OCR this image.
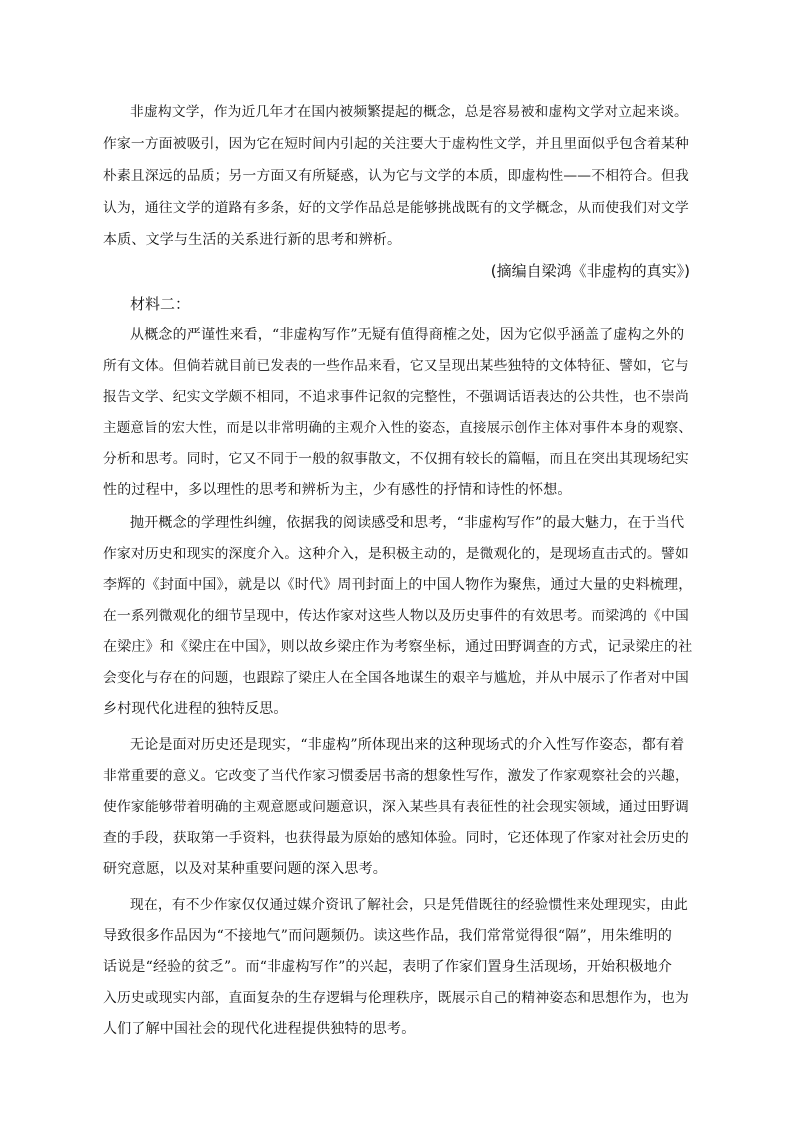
非虚构文学，作为近几年才在国内被频繁提起的概念，总是容易被和虚构文学对立起来谈。
作家一方面被吸引，因为它在短时间内引起的关注要大于虚构性文学，并且里面似乎包含着某种
朴素且深远的品质；另一方面又有所疑惑，认为它与文学的本质，即虚构性——不相符合。但我
认为，通往文学的道路有多条，好的文学作品总是能够挑战既有的文学概念，从而使我们对文学
本质、文学与生活的关系进行新的思考和辨析。
(摘编自梁鸿《非虚构的真实》)
材料二：
从概念的严谨性来看，“非虚构写作”无疑有值得商榷之处，因为它似乎涵盖了虚构之外的
所有文体。但倘若就目前已发表的一些作品来看，它又呈现出某些独特的文体特征、譬如，它与
报告文学、纪实文学颇不相同，不追求事件记叙的完整性，不强调话语表达的公共性，也不崇尚
主题意旨的宏大性，而是以非常明确的主观介入性的姿态，直接展示创作主体对事件本身的观察、
分析和思考。同时，它又不同于一般的叙事散文，不仅拥有较长的篇幅，而且在突出其现场纪实
性的过程中，多以理性的思考和辨析为主，少有感性的抒情和诗性的怀想。
抛开概念的学理性纠缠，依据我的阅读感受和思考，“非虚构写作”的最大魅力，在于当代
作家对历史和现实的深度介入。这种介入，是积极主动的，是微观化的，是现场直击式的。譬如
李辉的《封面中国》，就是以《时代》周刊封面上的中国人物作为聚焦，通过大量的史料梳理，
在一系列微观化的细节呈现中，传达作家对这些人物以及历史事件的有效思考。而梁鸿的《中国
在梁庄》和《梁庄在中国》，则以故乡梁庄作为考察坐标，通过田野调查的方式，记录梁庄的社
会变化与存在的问题，也跟踪了梁庄人在全国各地谋生的艰辛与尴尬，并从中展示了作者对中国
乡村现代化进程的独特反思。
无论是面对历史还是现实，“非虚构”所体现出来的这种现场式的介入性写作姿态，都有着
非常重要的意义。它改变了当代作家习惯委居书斋的想象性写作，激发了作家观察社会的兴趣，
使作家能够带着明确的主观意愿或问题意识，深入某些具有表征性的社会现实领域，通过田野调
查的手段，获取第一手资料，也获得最为原始的感知体验。同时，它还体现了作家对社会历史的
研究意愿，以及对某种重要问题的深入思考。
现在，有不少作家仅仅通过媒介资讯了解社会，只是凭借既往的经验惯性来处理现实，由此
导致很多作品因为“不接地气”而问题频仍。读这些作品，我们常常觉得很“隔”，用朱维明的
话说是“经验的贫乏”。而“非虚构写作”的兴起，表明了作家们置身生活现场，开始积极地介
入历史或现实内部，直面复杂的生存逻辑与伦理秩序，既展示自己的精神姿态和思想作为，也为
人们了解中国社会的现代化进程提供独特的思考。
